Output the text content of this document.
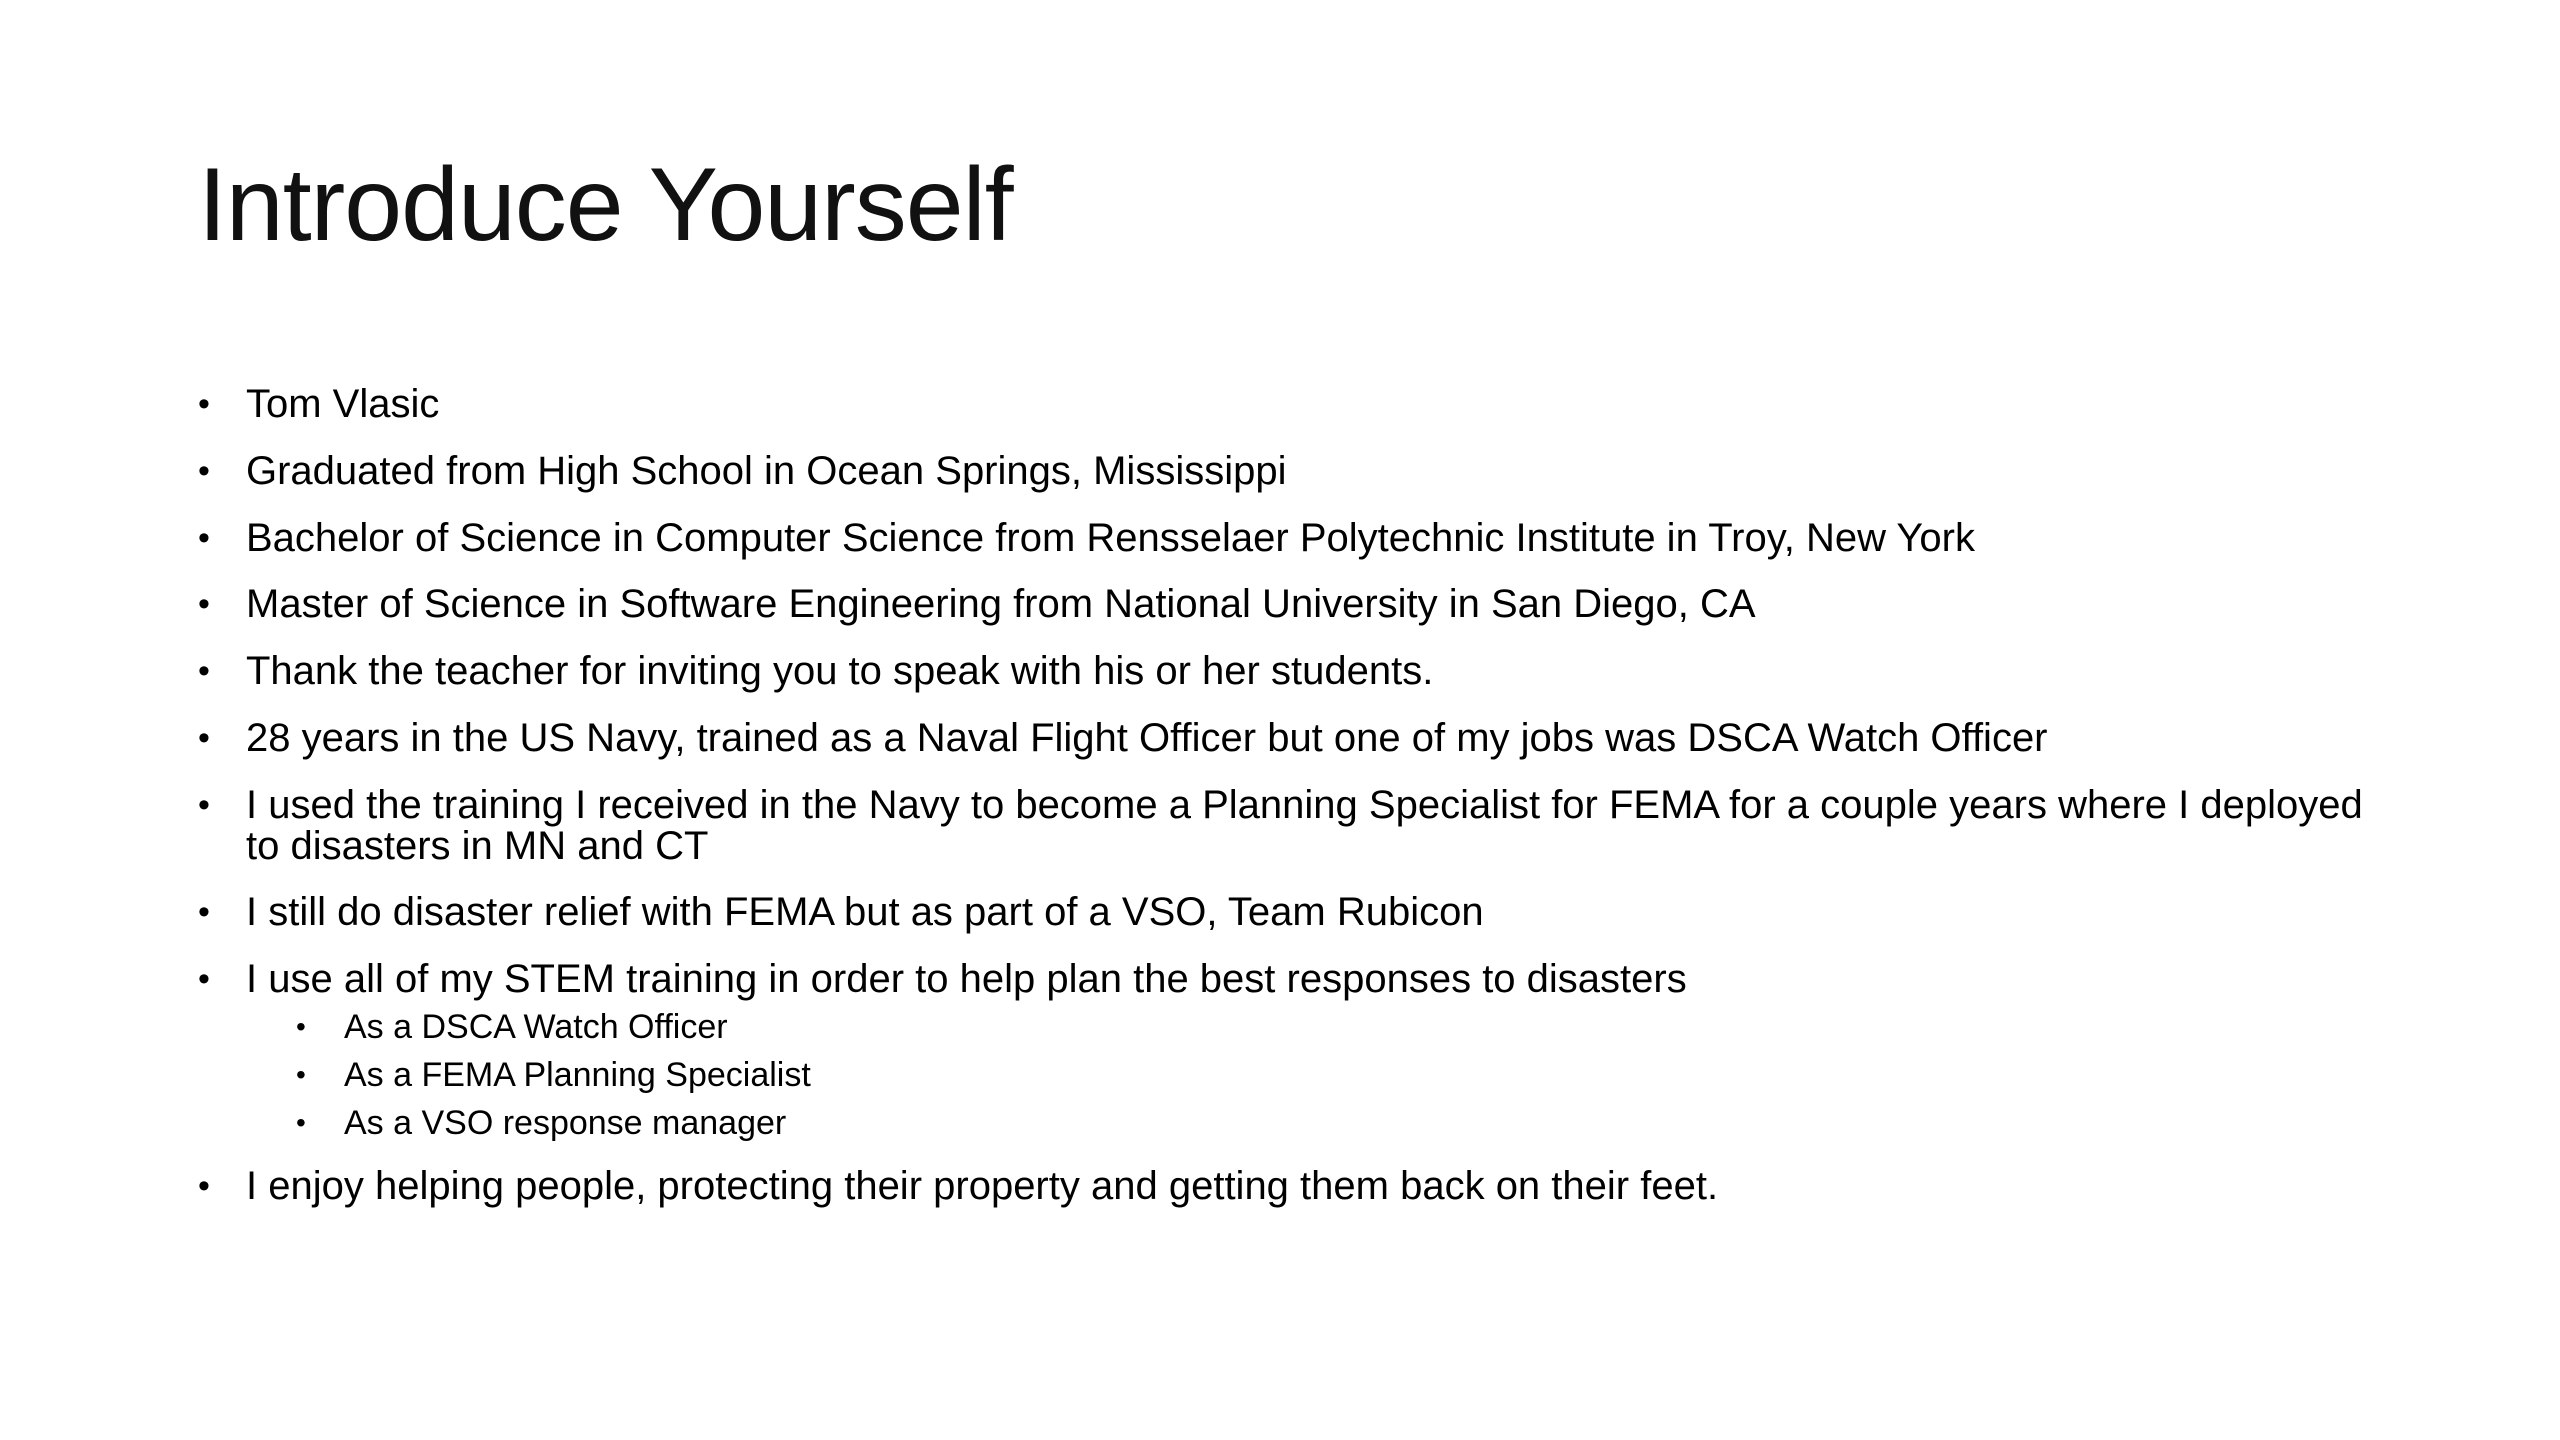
Introduce Yourself
• Tom Vlasic
• Graduated from High School in Ocean Springs, Mississippi
• Bachelor of Science in Computer Science from Rensselaer Polytechnic Institute in Troy, New York
• Master of Science in Software Engineering from National University in San Diego, CA
• Thank the teacher for inviting you to speak with his or her students.
• 28 years in the US Navy, trained as a Naval Flight Officer but one of my jobs was DSCA Watch Officer
• I used the training I received in the Navy to become a Planning Specialist for FEMA for a couple years where I deployed to disasters in MN and CT
• I still do disaster relief with FEMA but as part of a VSO, Team Rubicon
• I use all of my STEM training in order to help plan the best responses to disasters
• As a DSCA Watch Officer
• As a FEMA Planning Specialist
• As a VSO response manager
• I enjoy helping people, protecting their property and getting them back on their feet.
